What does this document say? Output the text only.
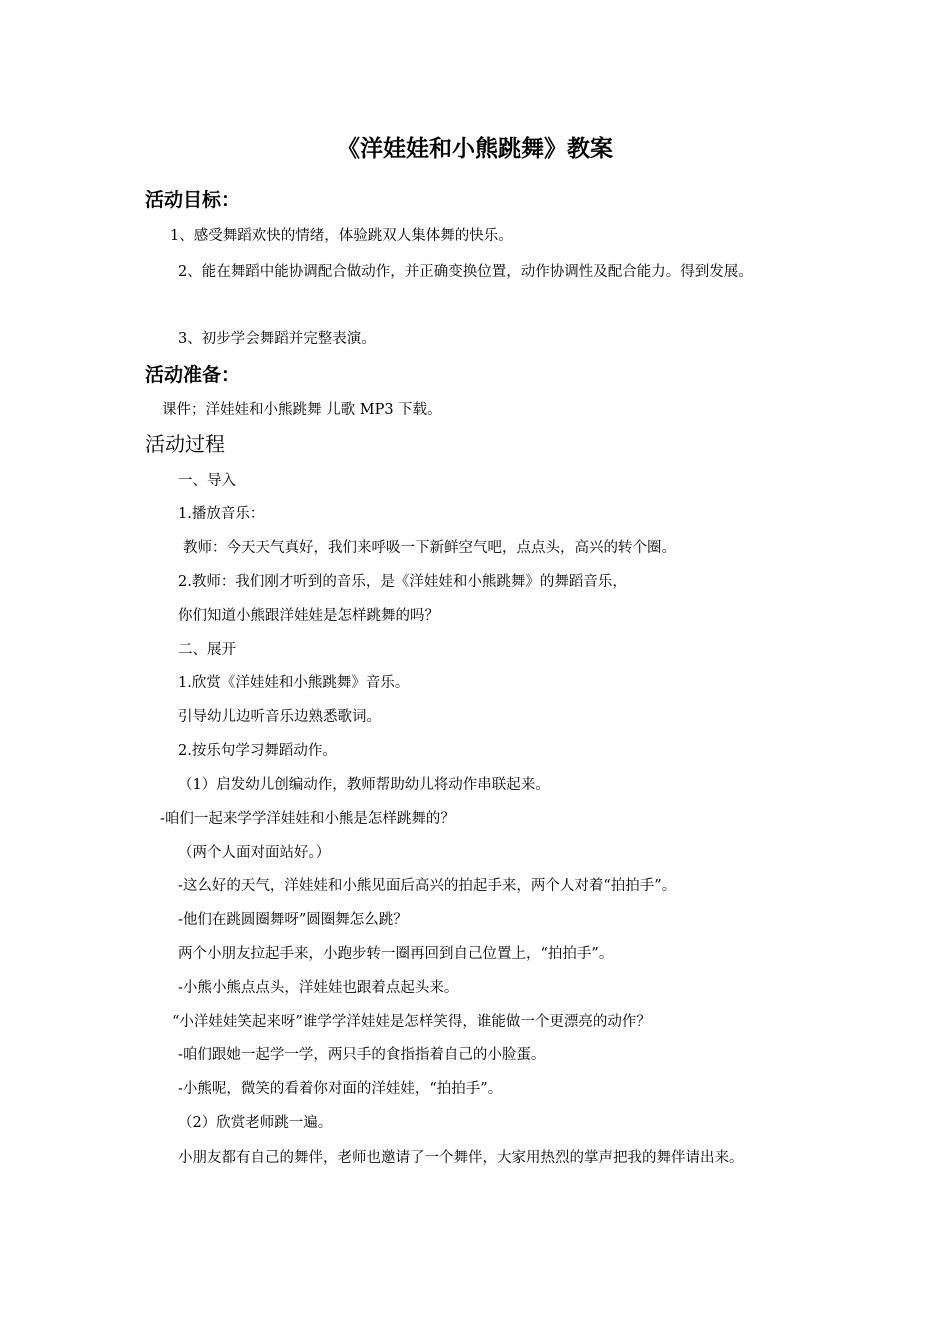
《洋娃娃和小熊跳舞》教案
活动目标：

1、感受舞蹈欢快的情绪，体验跳双人集体舞的快乐。

2、能在舞蹈中能协调配合做动作，并正确变换位置，动作协调性及配合能力。得到发展。

3、初步学会舞蹈并完整表演。

活动准备：

课件；洋娃娃和小熊跳舞 儿歌 MP3 下载。

活动过程

一、导入

1.播放音乐：

教师：今天天气真好，我们来呼吸一下新鲜空气吧，点点头，高兴的转个圈。

2.教师：我们刚才听到的音乐，是《洋娃娃和小熊跳舞》的舞蹈音乐，

你们知道小熊跟洋娃娃是怎样跳舞的吗？

二、展开

1.欣赏《洋娃娃和小熊跳舞》音乐。

引导幼儿边听音乐边熟悉歌词。

2.按乐句学习舞蹈动作。

（1）启发幼儿创编动作，教师帮助幼儿将动作串联起来。

-咱们一起来学学洋娃娃和小熊是怎样跳舞的？

（两个人面对面站好。）

-这么好的天气，洋娃娃和小熊见面后高兴的拍起手来，两个人对着“拍拍手”。

-他们在跳圆圈舞呀”圆圈舞怎么跳？

两个小朋友拉起手来，小跑步转一圈再回到自己位置上，“拍拍手”。

-小熊小熊点点头，洋娃娃也跟着点起头来。

“小洋娃娃笑起来呀”谁学学洋娃娃是怎样笑得，谁能做一个更漂亮的动作？

-咱们跟她一起学一学，两只手的食指指着自己的小脸蛋。

-小熊呢，微笑的看着你对面的洋娃娃，“拍拍手”。

（2）欣赏老师跳一遍。

小朋友都有自己的舞伴，老师也邀请了一个舞伴，大家用热烈的掌声把我的舞伴请出来。
